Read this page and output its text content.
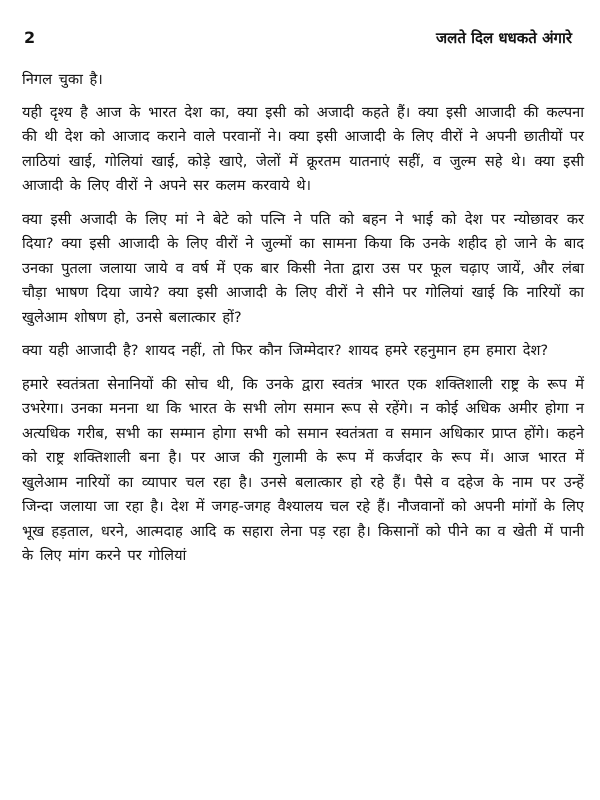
2	जलते दिल धधकते अंगारे

निगल चुका है।

यही दृश्य है आज के भारत देश का, क्या इसी को अजादी कहते हैं। क्या इसी आजादी की कल्पना की थी देश को आजाद कराने वाले परवानों ने। क्या इसी आजादी के लिए वीरों ने अपनी छातीयों पर लाठियां खाई, गोलियां खाई, कोड़े खाऐ, जेलों में क्रूरतम यातनाएं सहीं, व जुल्म सहे थे। क्या इसी आजादी के लिए वीरों ने अपने सर कलम करवाये थे।

क्या इसी अजादी के लिए मां ने बेटे को पत्नि ने पति को बहन ने भाई को देश पर न्योछावर कर दिया? क्या इसी आजादी के लिए वीरों ने जुल्मों का सामना किया कि उनके शहीद हो जाने के बाद उनका पुतला जलाया जाये व वर्ष में एक बार किसी नेता द्वारा उस पर फूल चढ़ाए जायें, और लंबा चौड़ा भाषण दिया जाये? क्या इसी आजादी के लिए वीरों ने सीने पर गोलियां खाई कि नारियों का खुलेआम शोषण हो, उनसे बलात्कार हों?

क्या यही आजादी है? शायद नहीं, तो फिर कौन जिम्मेदार? शायद हमरे रहनुमान हम हमारा देश?

हमारे स्वतंत्रता सेनानियों की सोच थी, कि उनके द्वारा स्वतंत्र भारत एक शक्तिशाली राष्ट्र के रूप में उभरेगा। उनका मनना था कि भारत के सभी लोग समान रूप से रहेंगे। न कोई अधिक अमीर होगा न अत्यधिक गरीब, सभी का सम्मान होगा सभी को समान स्वतंत्रता व समान अधिकार प्राप्त होंगे। कहने को राष्ट्र शक्तिशाली बना है। पर आज की गुलामी के रूप में कर्जदार के रूप में। आज भारत में खुलेआम नारियों का व्यापार चल रहा है। उनसे बलात्कार हो रहे हैं। पैसे व दहेज के नाम पर उन्हें जिन्दा जलाया जा रहा है। देश में जगह-जगह वैश्यालय चल रहे हैं। नौजवानों को अपनी मांगों के लिए भूख हड़ताल, धरने, आत्मदाह आदि क सहारा लेना पड़ रहा है। किसानों को पीने का व खेती में पानी के लिए मांग करने पर गोलियां
